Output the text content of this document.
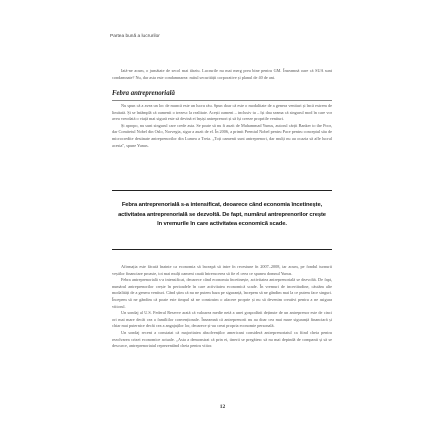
Partea bună a lucrurilor

Iată-ne acum, o jumătate de secol mai târziu. Lucrurile nu mai merg prea bine pentru GM. Înseamnă oare că SUA sunt condamnate? Nu, dar asta este condamnarea: mitul securității corporative și planul de 40 de ani.

Febra antreprenorială

Nu spun că a avea un loc de muncă este un lucru rău. Spun doar că este o modalitate de a genera venituri și încă extrem de limitată. Și se întâmplă că oamenii o trezesc la realitate. Acești oameni – inclusiv tu – își dau seama că singurul mod în care vor avea vreodată o viață mai sigură este să devină ei înșiși antreprenori și să își creeze propriile venituri.

Și apropo, nu sunt singurul care crede asta. Se poate să nu fi auzit de Muhammad Yunus, autorul cărții Banker to the Poor, dar Comitetul Nobel din Oslo, Norvegia, sigur a auzit de el. În 2006, a primit Premiul Nobel pentru Pace pentru conceptul său de microcredite destinate antreprenorilor din Lumea a Treia. „Toți oamenii sunt antreprenori, dar mulți nu au ocazia să afle lucrul acesta", spune Yunus.

Febra antreprenorială s-a intensificat, deoarece când economia încetinește, activitatea antreprenorială se dezvoltă. De fapt, numărul antreprenorilor crește în vremurile în care activitatea economică scade.

Afirmația este făcută înainte ca economia să înceapă să intre în recesiune în 2007–2008, iar acum, pe fondul turnurii veștilor financiare proaste, tot mai mulți oameni caută întrerucerea să fie el ceea ce spunea domnul Yunus.

Febra antreprenorială s-a intensificat, deoarece când economia încetinește, activitatea antreprenorială se dezvoltă. De fapt, numărul antreprenorilor crește în perioadele în care activitatea economică scade. În vremuri de incertitudine, căutăm alte modalități de a genera venituri. Când știm că nu ne putem baza pe siguranță, începem să ne gândim mai la ce putem face singuri. Începem să ne gândim că poate este timpul să ne construim o afacere proprie și nu să devenim creativi pentru a ne asigura viitorul.

Un sondaj al U.S. Federal Reserve arată că valoarea medie netă a unei gospodării deținute de un antreprenor este de cinci ori mai mare decât cea a familiilor convenționale. Înseamnă că antreprenorii nu au doar cea mai mare siguranță financiară și chiar mai puternice decât cea a angajaților lor, deoarece și-au creat propria economie personală.

Un sondaj recent a constatat că majoritatea absolvenților americani consideră antreprenoriatul ca fiind cheia pentru rezolvarea crizei economice actuale. „Asta a demonstrat că prin ei, tinerii se pregătesc să nu mai depindă de companii și să se descurce, antreprenoriatul reprezentând cheia pentru viitor.

12
